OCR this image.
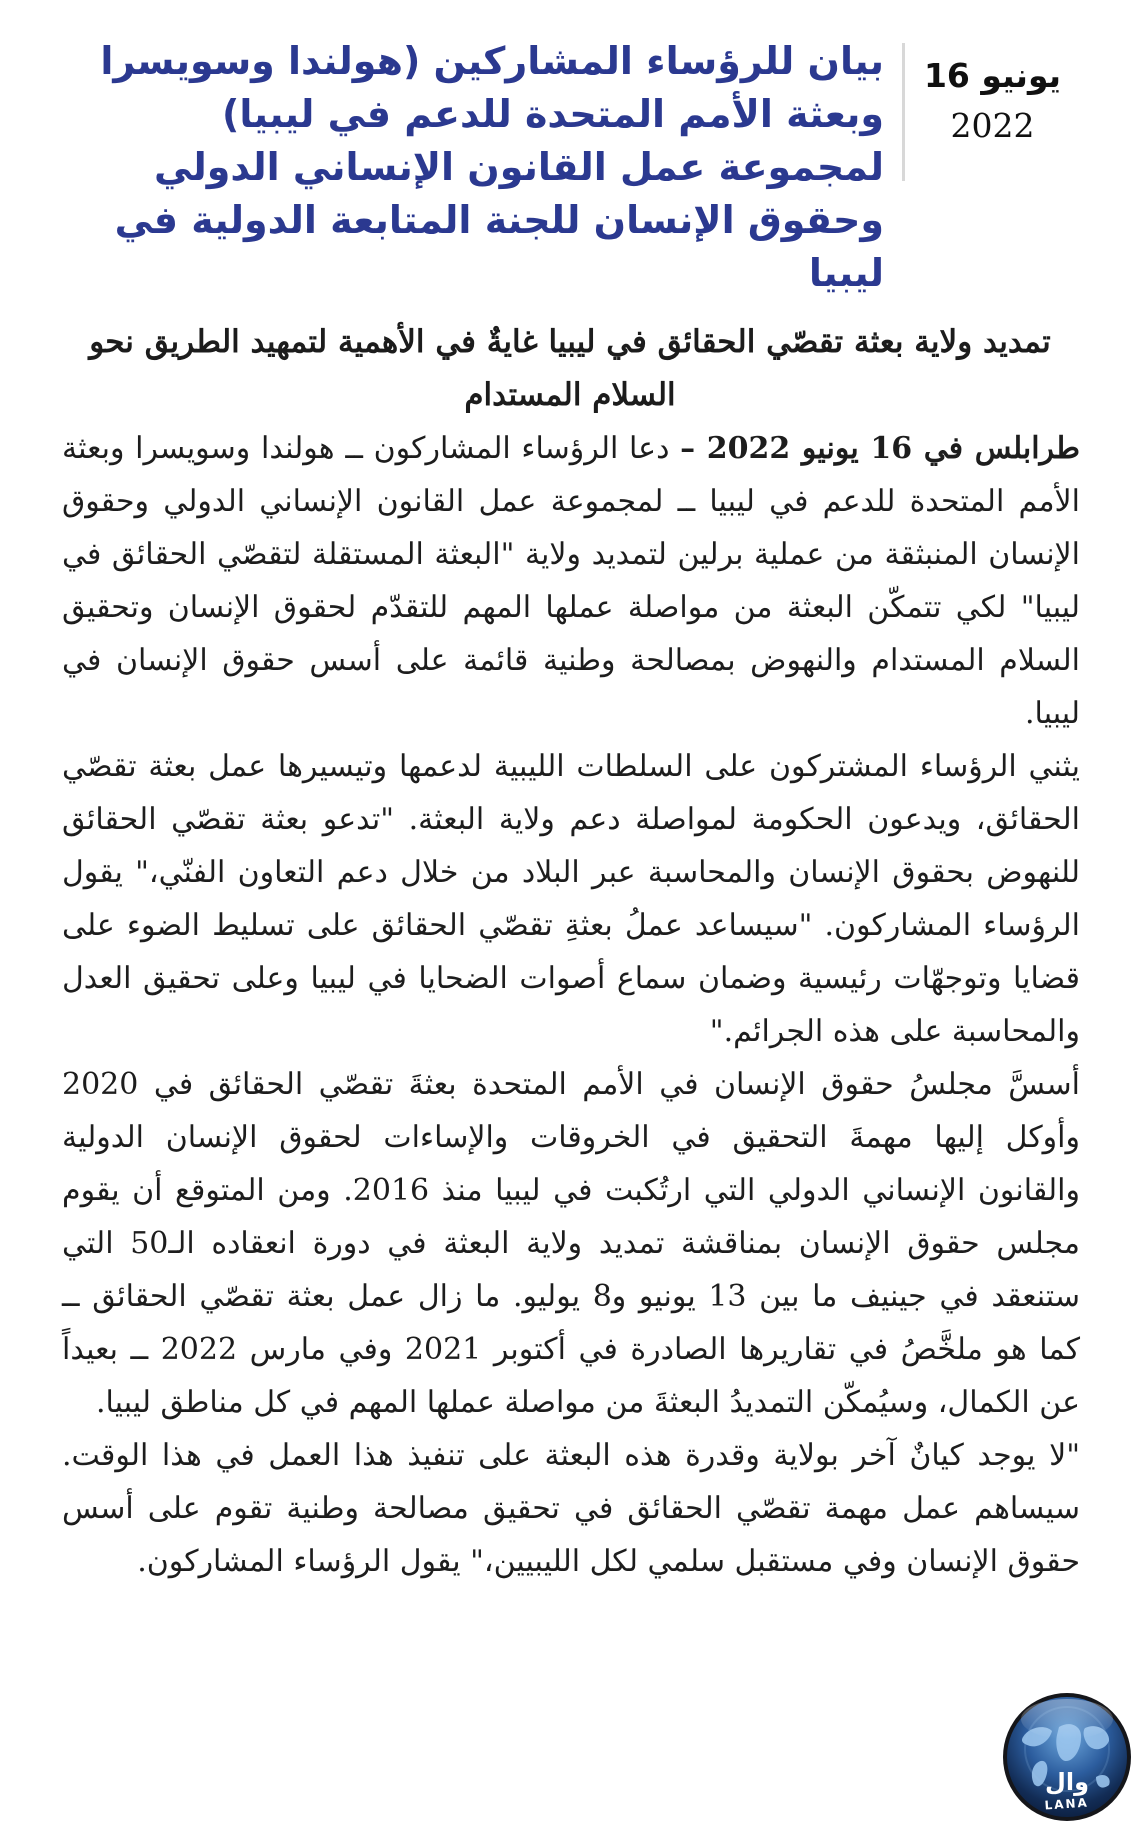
16 يونيو
2022
بيان للرؤساء المشاركين (هولندا وسويسرا وبعثة الأمم المتحدة للدعم في ليبيا) لمجموعة عمل القانون الإنساني الدولي وحقوق الإنسان للجنة المتابعة الدولية في ليبيا
تمديد ولاية بعثة تقصّي الحقائق في ليبيا غايةٌ في الأهمية لتمهيد الطريق نحو السلام المستدام

طرابلس في 16 يونيو 2022 – دعا الرؤساء المشاركون ــ هولندا وسويسرا وبعثة الأمم المتحدة للدعم في ليبيا ــ لمجموعة عمل القانون الإنساني الدولي وحقوق الإنسان المنبثقة من عملية برلين لتمديد ولاية "البعثة المستقلة لتقصّي الحقائق في ليبيا" لكي تتمكّن البعثة من مواصلة عملها المهم للتقدّم لحقوق الإنسان وتحقيق السلام المستدام والنهوض بمصالحة وطنية قائمة على أسس حقوق الإنسان في ليبيا.

يثني الرؤساء المشتركون على السلطات الليبية لدعمها وتيسيرها عمل بعثة تقصّي الحقائق، ويدعون الحكومة لمواصلة دعم ولاية البعثة. "تدعو بعثة تقصّي الحقائق للنهوض بحقوق الإنسان والمحاسبة عبر البلاد من خلال دعم التعاون الفنّي،" يقول الرؤساء المشاركون. "سيساعد عملُ بعثةِ تقصّي الحقائق على تسليط الضوء على قضايا وتوجهّات رئيسية وضمان سماع أصوات الضحايا في ليبيا وعلى تحقيق العدل والمحاسبة على هذه الجرائم."

أسسَّ مجلسُ حقوق الإنسان في الأمم المتحدة بعثةَ تقصّي الحقائق في 2020 وأوكل إليها مهمةَ التحقيق في الخروقات والإساءات لحقوق الإنسان الدولية والقانون الإنساني الدولي التي ارتُكبت في ليبيا منذ 2016. ومن المتوقع أن يقوم مجلس حقوق الإنسان بمناقشة تمديد ولاية البعثة في دورة انعقاده الـ50 التي ستنعقد في جينيف ما بين 13 يونيو و8 يوليو. ما زال عمل بعثة تقصّي الحقائق ــ كما هو ملخَّصُ في تقاريرها الصادرة في أكتوبر 2021 وفي مارس 2022 ــ بعيداً عن الكمال، وسيُمكّن التمديدُ البعثةَ من مواصلة عملها المهم في كل مناطق ليبيا.

"لا يوجد كيانٌ آخر بولاية وقدرة هذه البعثة على تنفيذ هذا العمل في هذا الوقت. سيساهم عمل مهمة تقصّي الحقائق في تحقيق مصالحة وطنية تقوم على أسس حقوق الإنسان وفي مستقبل سلمي لكل الليبيين،" يقول الرؤساء المشاركون.

وال
LANA
